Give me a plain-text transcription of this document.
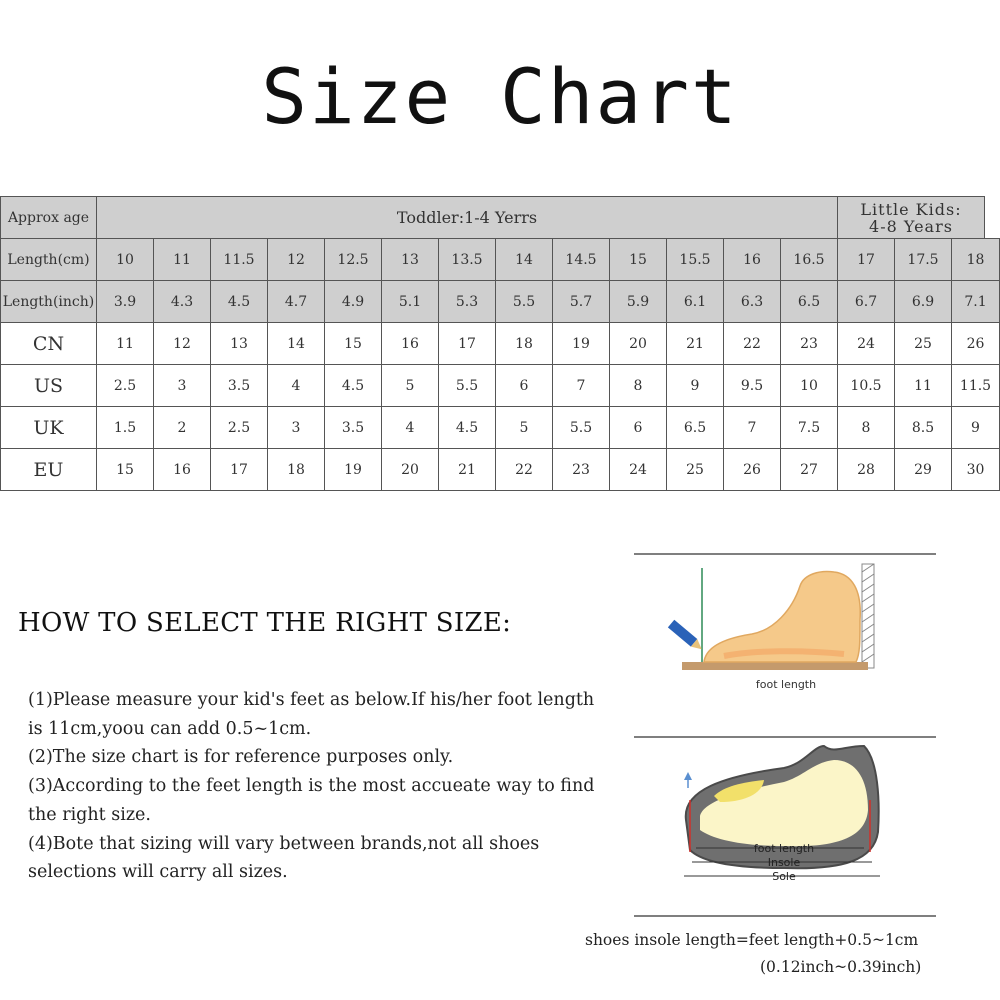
Size Chart
Approx age	Toddler:1-4 Yerrs													Little Kids:
4-8 Years		

Length(cm)	10	11	11.5	12	12.5	13	13.5	14	14.5	15	15.5	16	16.5	17	17.5	18
Length(inch)	3.9	4.3	4.5	4.7	4.9	5.1	5.3	5.5	5.7	5.9	6.1	6.3	6.5	6.7	6.9	7.1
CN	11	12	13	14	15	16	17	18	19	20	21	22	23	24	25	26
US	2.5	3	3.5	4	4.5	5	5.5	6	7	8	9	9.5	10	10.5	11	11.5
UK	1.5	2	2.5	3	3.5	4	4.5	5	5.5	6	6.5	7	7.5	8	8.5	9
EU	15	16	17	18	19	20	21	22	23	24	25	26	27	28	29	30
HOW TO SELECT THE RIGHT SIZE:

(1)Please measure your kid's feet as below.If his/her foot length is 11cm,yoou can add 0.5~1cm.

(2)The size chart is for reference purposes only.

(3)According to the feet length is the most accueate way to find the right size.

(4)Bote that sizing will vary between brands,not all shoes selections will carry all sizes.

foot length
foot length
Insole
Sole
shoes insole length=feet length+0.5~1cm
(0.12inch~0.39inch)
